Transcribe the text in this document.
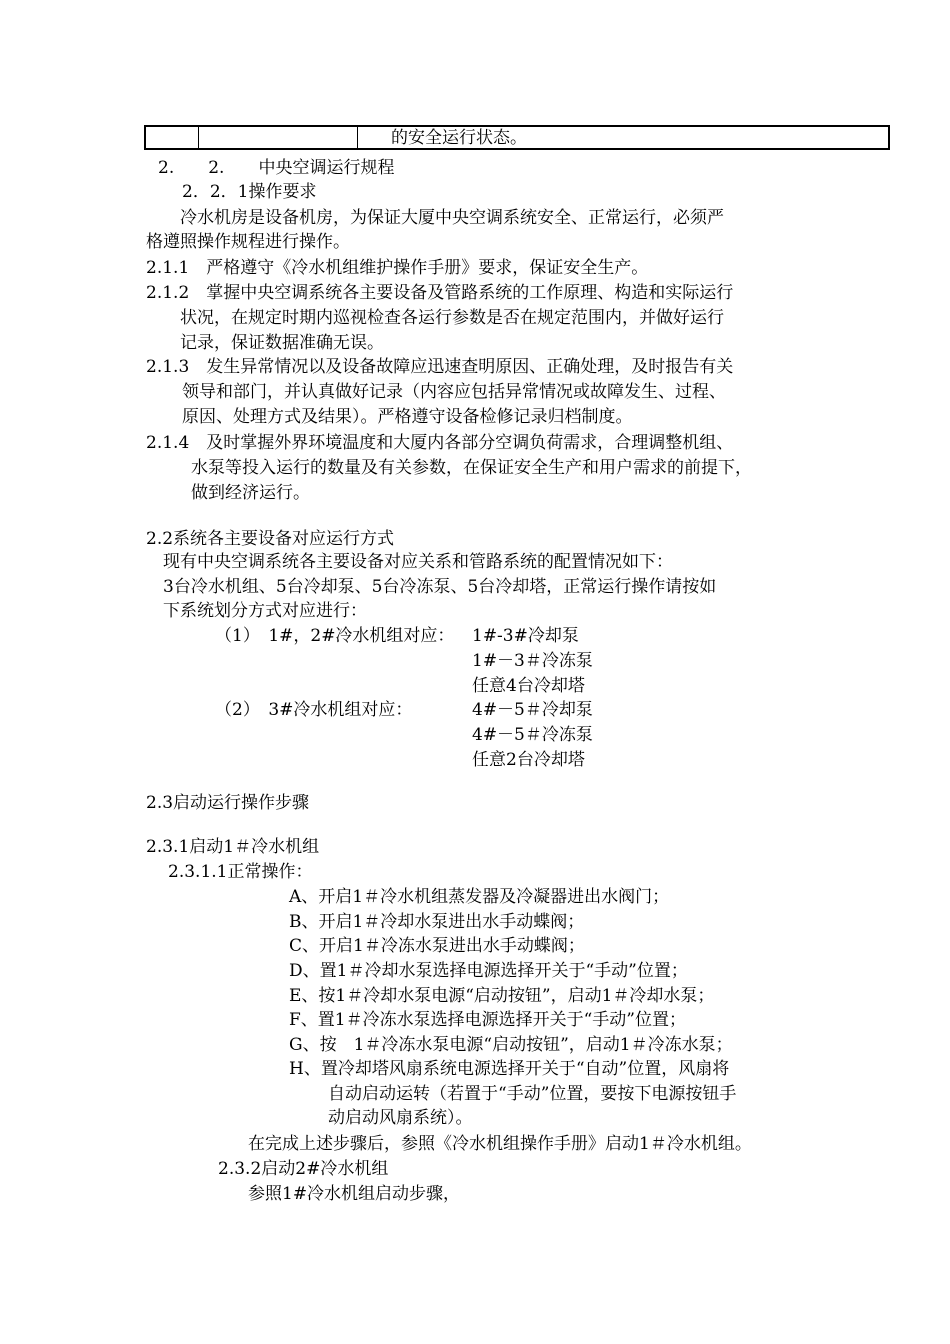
的安全运行状态。

2.　　2.　　中央空调运行规程

2．2．1操作要求

　冷水机房是设备机房，为保证大厦中央空调系统安全、正常运行，必须严

格遵照操作规程进行操作。

2.1.1　严格遵守《冷水机组维护操作手册》要求，保证安全生产。

2.1.2　掌握中央空调系统各主要设备及管路系统的工作原理、构造和实际运行

状况，在规定时期内巡视检查各运行参数是否在规定范围内，并做好运行

记录，保证数据准确无误。

2.1.3　发生异常情况以及设备故障应迅速查明原因、正确处理，及时报告有关

领导和部门，并认真做好记录（内容应包括异常情况或故障发生、过程、

原因、处理方式及结果）。严格遵守设备检修记录归档制度。

2.1.4　及时掌握外界环境温度和大厦内各部分空调负荷需求，合理调整机组、

水泵等投入运行的数量及有关参数，在保证安全生产和用户需求的前提下，

做到经济运行。

2.2系统各主要设备对应运行方式

现有中央空调系统各主要设备对应关系和管路系统的配置情况如下：

3台冷水机组、5台冷却泵、5台冷冻泵、5台冷却塔，正常运行操作请按如

下系统划分方式对应进行：

（1）　1#，2#冷水机组对应： 1#-3#冷却泵

1#－3＃冷冻泵

任意4台冷却塔

（2）　3#冷水机组对应：	4#－5＃冷却泵

4#－5＃冷冻泵

任意2台冷却塔

2.3启动运行操作步骤

2.3.1启动1＃冷水机组

2.3.1.1正常操作：

A、开启1＃冷水机组蒸发器及冷凝器进出水阀门；

B、开启1＃冷却水泵进出水手动蝶阀；

C、开启1＃冷冻水泵进出水手动蝶阀；

D、置1＃冷却水泵选择电源选择开关于“手动”位置；

E、按1＃冷却水泵电源“启动按钮”，启动1＃冷却水泵；

F、置1＃冷冻水泵选择电源选择开关于“手动”位置；

G、按　1＃冷冻水泵电源“启动按钮”，启动1＃冷冻水泵；

H、置冷却塔风扇系统电源选择开关于“自动”位置，风扇将

自动启动运转（若置于“手动”位置，要按下电源按钮手

动启动风扇系统）。

在完成上述步骤后，参照《冷水机组操作手册》启动1＃冷水机组。

2.3.2启动2#冷水机组

参照1#冷水机组启动步骤，
